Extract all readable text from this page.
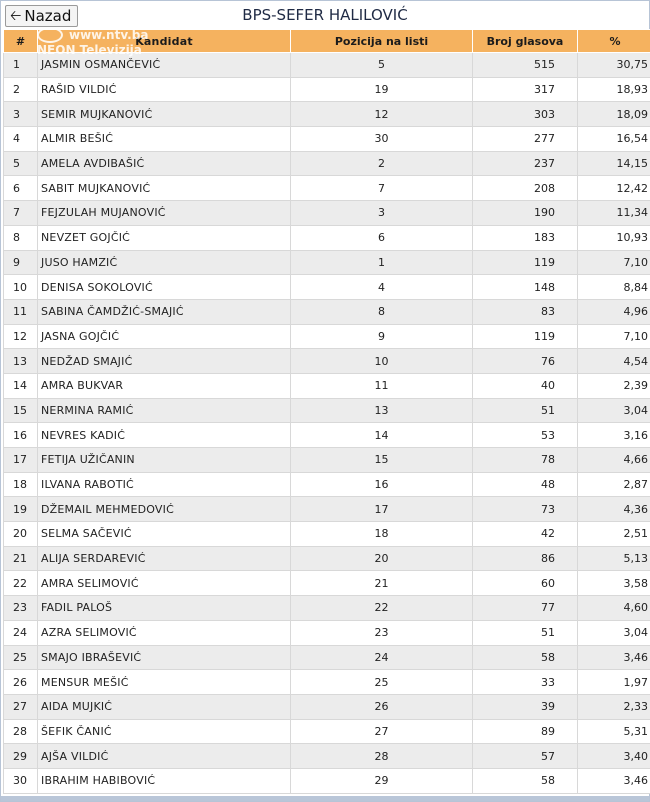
🡠 Nazad	BPS-SEFER HALILOVIĆ
#	Kandidat	Pozicija na listi	Broj glasova	%
1	JASMIN OSMANČEVIĆ	5	515	30,75
2	RAŠID VILDIĆ	19	317	18,93
3	SEMIR MUJKANOVIĆ	12	303	18,09
4	ALMIR BEŠIĆ	30	277	16,54
5	AMELA AVDIBAŠIĆ	2	237	14,15
6	SABIT MUJKANOVIĆ	7	208	12,42
7	FEJZULAH MUJANOVIĆ	3	190	11,34
8	NEVZET GOJČIĆ	6	183	10,93
9	JUSO HAMZIĆ	1	119	7,10
10	DENISA SOKOLOVIĆ	4	148	8,84
11	SABINA ČAMDŽIĆ-SMAJIĆ	8	83	4,96
12	JASNA GOJČIĆ	9	119	7,10
13	NEDŽAD SMAJIĆ	10	76	4,54
14	AMRA BUKVAR	11	40	2,39
15	NERMINA RAMIĆ	13	51	3,04
16	NEVRES KADIĆ	14	53	3,16
17	FETIJA UŽIČANIN	15	78	4,66
18	ILVANA RABOTIĆ	16	48	2,87
19	DŽEMAIL MEHMEDOVIĆ	17	73	4,36
20	SELMA SAČEVIĆ	18	42	2,51
21	ALIJA SERDAREVIĆ	20	86	5,13
22	AMRA SELIMOVIĆ	21	60	3,58
23	FADIL PALOŠ	22	77	4,60
24	AZRA SELIMOVIĆ	23	51	3,04
25	SMAJO IBRAŠEVIĆ	24	58	3,46
26	MENSUR MEŠIĆ	25	33	1,97
27	AIDA MUJKIĆ	26	39	2,33
28	ŠEFIK ČANIĆ	27	89	5,31
29	AJŠA VILDIĆ	28	57	3,40
30	IBRAHIM HABIBOVIĆ	29	58	3,46
www.ntv.ba
NEON Televizija
